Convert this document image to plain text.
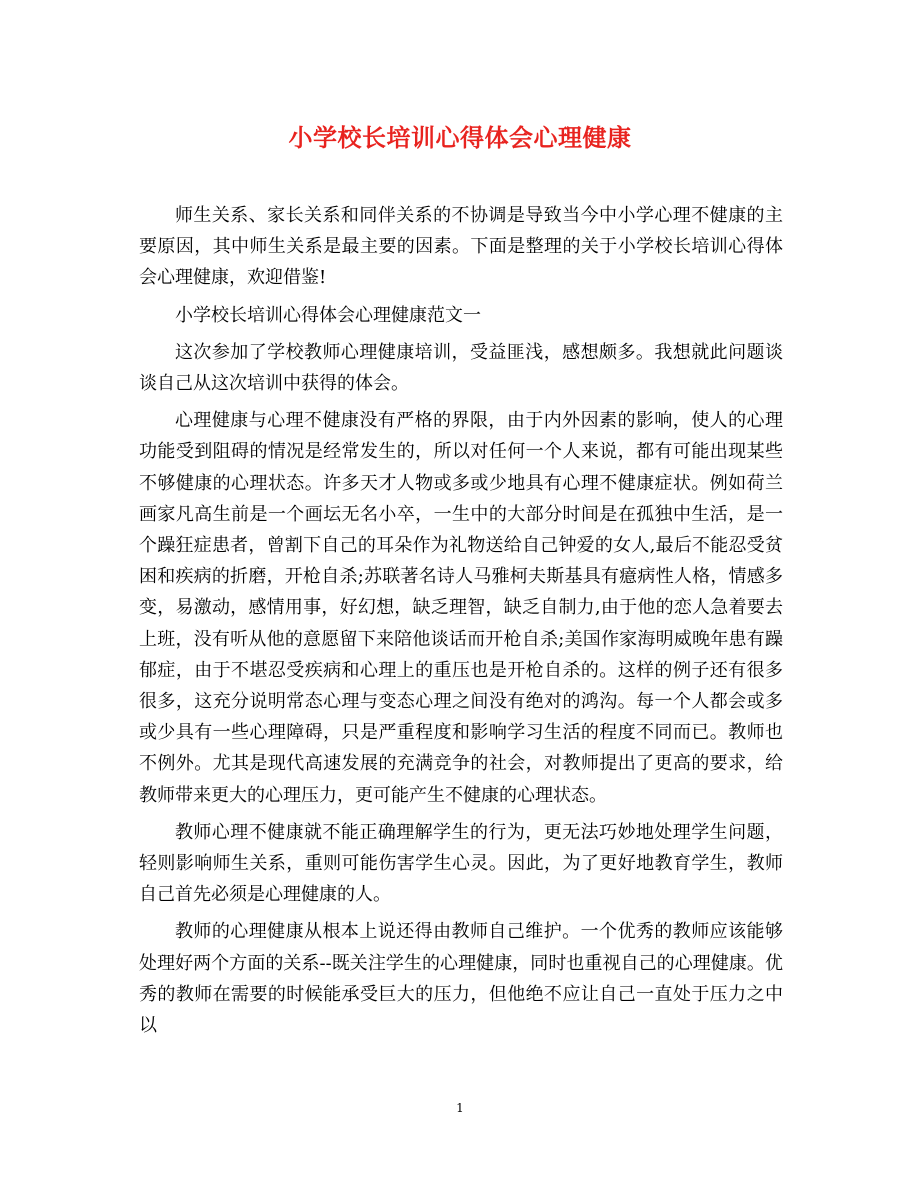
小学校长培训心得体会心理健康

师生关系、家长关系和同伴关系的不协调是导致当今中小学心理不健康的主要原因，其中师生关系是最主要的因素。下面是整理的关于小学校长培训心得体会心理健康，欢迎借鉴!

小学校长培训心得体会心理健康范文一

这次参加了学校教师心理健康培训，受益匪浅，感想颇多。我想就此问题谈谈自己从这次培训中获得的体会。

心理健康与心理不健康没有严格的界限，由于内外因素的影响，使人的心理功能受到阻碍的情况是经常发生的，所以对任何一个人来说，都有可能出现某些不够健康的心理状态。许多天才人物或多或少地具有心理不健康症状。例如荷兰画家凡高生前是一个画坛无名小卒，一生中的大部分时间是在孤独中生活，是一个躁狂症患者，曾割下自己的耳朵作为礼物送给自己钟爱的女人,最后不能忍受贫困和疾病的折磨，开枪自杀;苏联著名诗人马雅柯夫斯基具有癔病性人格，情感多变，易激动，感情用事，好幻想，缺乏理智，缺乏自制力,由于他的恋人急着要去上班，没有听从他的意愿留下来陪他谈话而开枪自杀;美国作家海明威晚年患有躁郁症，由于不堪忍受疾病和心理上的重压也是开枪自杀的。这样的例子还有很多很多，这充分说明常态心理与变态心理之间没有绝对的鸿沟。每一个人都会或多或少具有一些心理障碍，只是严重程度和影响学习生活的程度不同而已。教师也不例外。尤其是现代高速发展的充满竞争的社会，对教师提出了更高的要求，给教师带来更大的心理压力，更可能产生不健康的心理状态。

教师心理不健康就不能正确理解学生的行为，更无法巧妙地处理学生问题，轻则影响师生关系，重则可能伤害学生心灵。因此，为了更好地教育学生，教师自己首先必须是心理健康的人。

教师的心理健康从根本上说还得由教师自己维护。一个优秀的教师应该能够处理好两个方面的关系--既关注学生的心理健康，同时也重视自己的心理健康。优秀的教师在需要的时候能承受巨大的压力，但他绝不应让自己一直处于压力之中以

1
